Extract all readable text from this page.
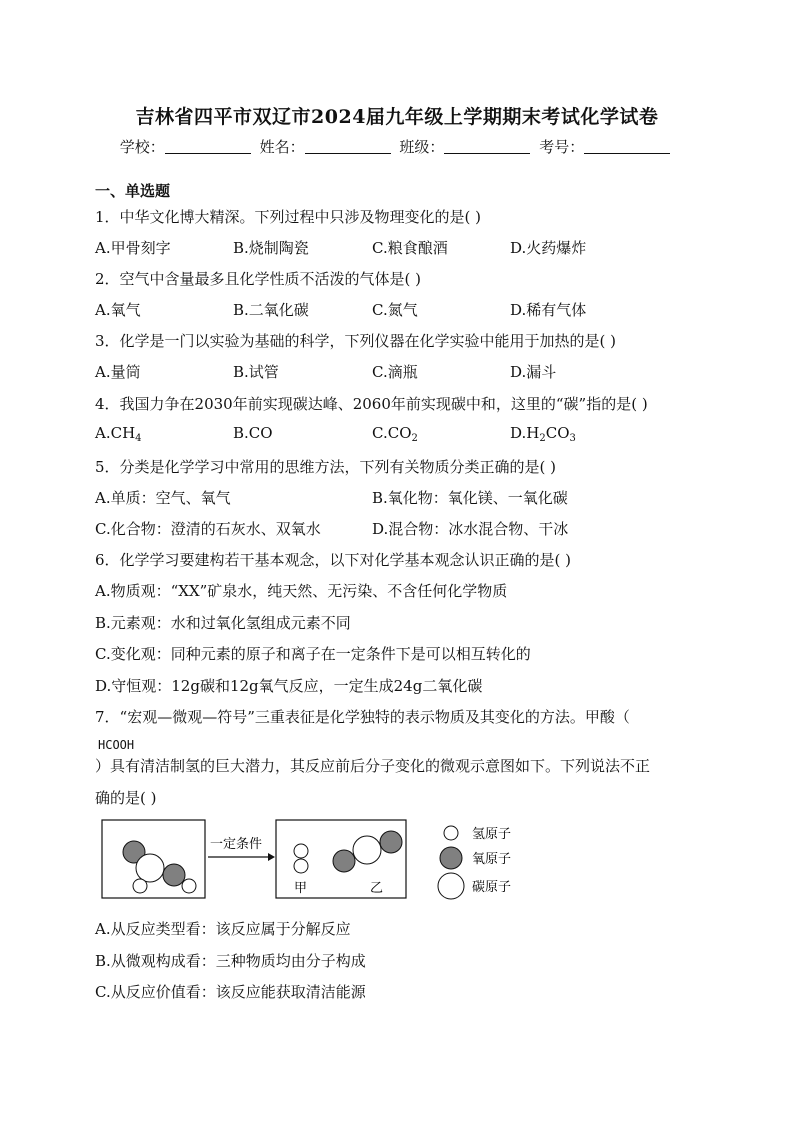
吉林省四平市双辽市2024届九年级上学期期末考试化学试卷
学校：	姓名：	班级：	考号：
一、单选题
1．中华文化博大精深。下列过程中只涉及物理变化的是( )
A.甲骨刻字	B.烧制陶瓷	C.粮食酿酒	D.火药爆炸
2．空气中含量最多且化学性质不活泼的气体是( )
A.氧气	B.二氧化碳	C.氮气	D.稀有气体
3．化学是一门以实验为基础的科学，下列仪器在化学实验中能用于加热的是( )
A.量筒	B.试管	C.滴瓶	D.漏斗
4．我国力争在2030年前实现碳达峰、2060年前实现碳中和，这里的“碳”指的是( )
$A.CH_4$	B.CO	$C.CO_2$	$D.H_2CO_3$
5．分类是化学学习中常用的思维方法，下列有关物质分类正确的是( )
A.单质：空气、氧气	B.氧化物：氧化镁、一氧化碳
C.化合物：澄清的石灰水、双氧水	D.混合物：冰水混合物、干冰
6．化学学习要建构若干基本观念，以下对化学基本观念认识正确的是( )
A.物质观：“XX”矿泉水，纯天然、无污染、不含任何化学物质
B.元素观：水和过氧化氢组成元素不同
C.变化观：同种元素的原子和离子在一定条件下是可以相互转化的
D.守恒观：12g碳和12g氧气反应，一定生成24g二氧化碳
7．“宏观—微观—符号”三重表征是化学独特的表示物质及其变化的方法。甲酸（
HCOOH
）具有清洁制氢的巨大潜力，其反应前后分子变化的微观示意图如下。下列说法不正
确的是( )
一定条件
甲	乙
氢原子
氧原子
碳原子
A.从反应类型看：该反应属于分解反应
B.从微观构成看：三种物质均由分子构成
C.从反应价值看：该反应能获取清洁能源
